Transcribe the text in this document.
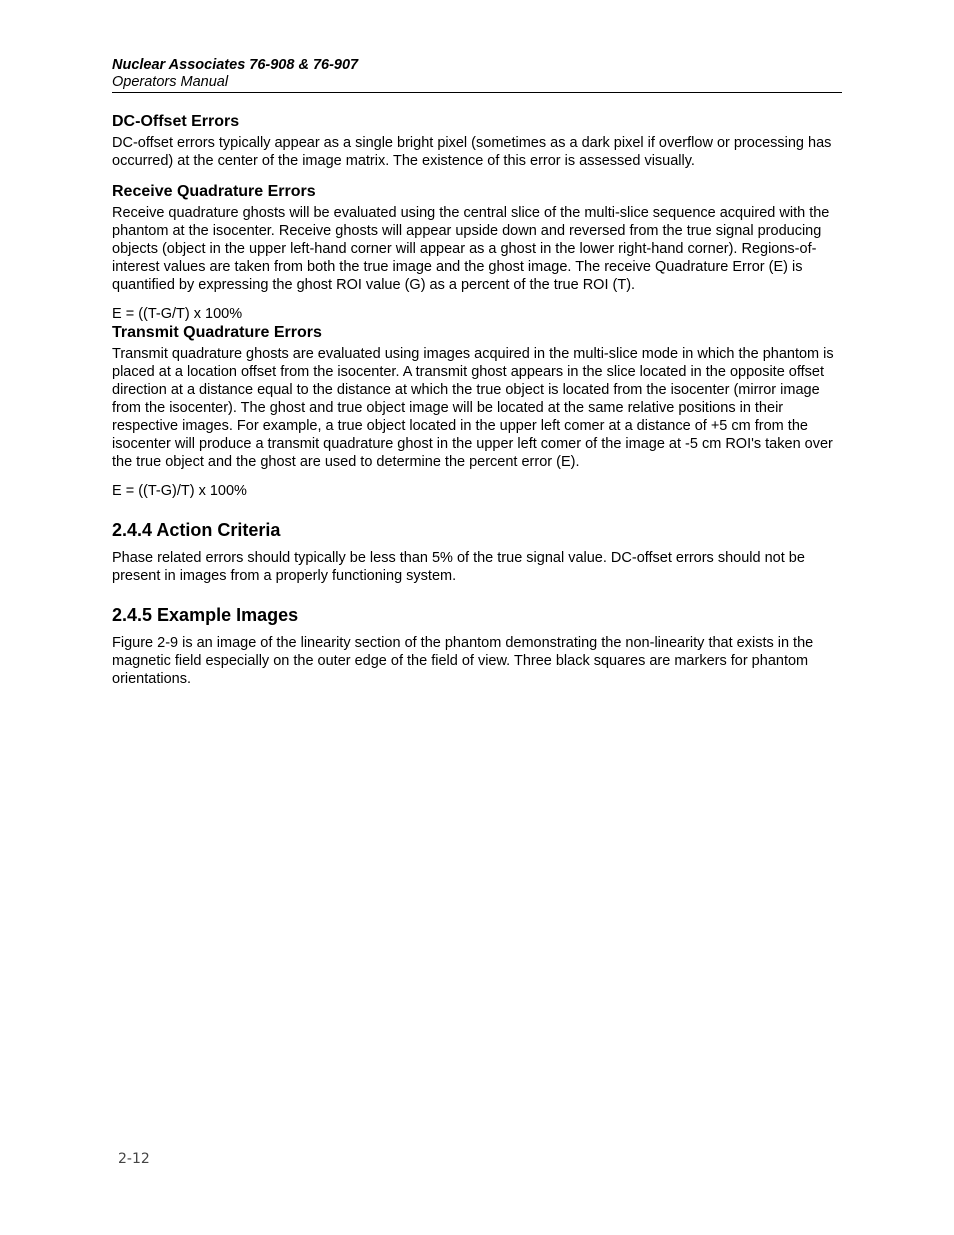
Nuclear Associates 76-908 & 76-907
Operators Manual
DC-Offset Errors

DC-offset errors typically appear as a single bright pixel (sometimes as a dark pixel if overflow or processing has occurred) at the center of the image matrix. The existence of this error is assessed visually.

Receive Quadrature Errors

Receive quadrature ghosts will be evaluated using the central slice of the multi-slice sequence acquired with the phantom at the isocenter. Receive ghosts will appear upside down and reversed from the true signal producing objects (object in the upper left-hand corner will appear as a ghost in the lower right-hand corner). Regions-of-interest values are taken from both the true image and the ghost image. The receive Quadrature Error (E) is quantified by expressing the ghost ROI value (G) as a percent of the true ROI (T).

E = ((T-G/T) x 100%

Transmit Quadrature Errors

Transmit quadrature ghosts are evaluated using images acquired in the multi-slice mode in which the phantom is placed at a location offset from the isocenter. A transmit ghost appears in the slice located in the opposite offset direction at a distance equal to the distance at which the true object is located from the isocenter (mirror image from the isocenter). The ghost and true object image will be located at the same relative positions in their respective images. For example, a true object located in the upper left comer at a distance of +5 cm from the isocenter will produce a transmit quadrature ghost in the upper left comer of the image at -5 cm ROI's taken over the true object and the ghost are used to determine the percent error (E).

E = ((T-G)/T) x 100%

2.4.4 Action Criteria

Phase related errors should typically be less than 5% of the true signal value. DC-offset errors should not be present in images from a properly functioning system.

2.4.5 Example Images

Figure 2-9 is an image of the linearity section of the phantom demonstrating the non-linearity that exists in the magnetic field especially on the outer edge of the field of view. Three black squares are markers for phantom orientations.

2-12
